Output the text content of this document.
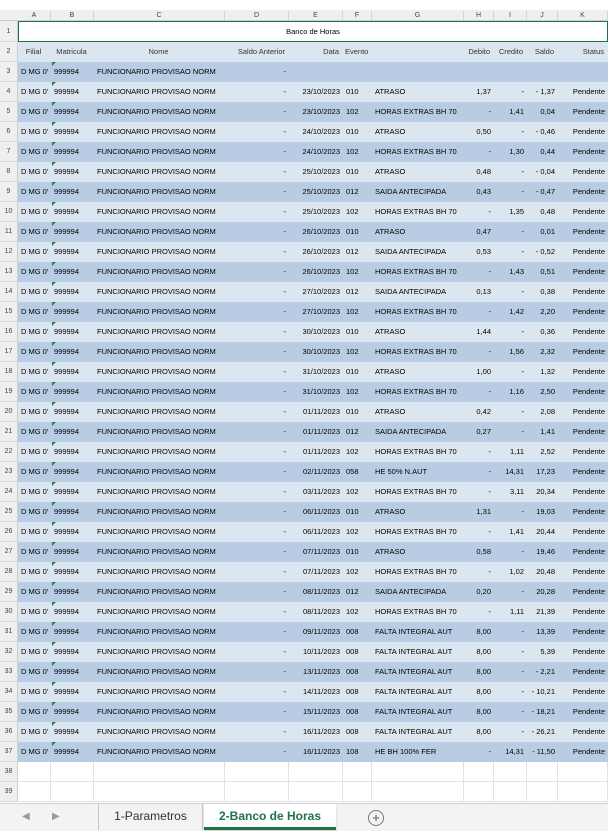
A	B	C	D	E	F	G	H	I	J	K
1
2
3
4
5
6
7
8
9
10
11
12
13
14
15
16
17
18
19
20
21
22
23
24
25
26
27
28
29
30
31
32
33
34
35
36
37
38
39
Banco de Horas
Filial	Matricula	Nome	Saldo Anterior	Data Evento	Debito	Credito	Saldo	Status
D MG 0' 999994	FUNCIONARIO PROVISAO NORM	-
D MG 0' 999994	FUNCIONARIO PROVISAO NORM	-	23/10/2023 010	ATRASO	1,37	-	- 1,37	Pendente
D MG 0' 999994	FUNCIONARIO PROVISAO NORM	-	23/10/2023 102	HORAS EXTRAS BH 70	-	1,41	0,04	Pendente
D MG 0' 999994	FUNCIONARIO PROVISAO NORM	-	24/10/2023 010	ATRASO	0,50	-	- 0,46	Pendente
D MG 0' 999994	FUNCIONARIO PROVISAO NORM	-	24/10/2023 102	HORAS EXTRAS BH 70	-	1,30	0,44	Pendente
D MG 0' 999994	FUNCIONARIO PROVISAO NORM	-	25/10/2023 010	ATRASO	0,48	-	- 0,04	Pendente
D MG 0' 999994	FUNCIONARIO PROVISAO NORM	-	25/10/2023 012	SAIDA ANTECIPADA	0,43	-	- 0,47	Pendente
D MG 0' 999994	FUNCIONARIO PROVISAO NORM	-	25/10/2023 102	HORAS EXTRAS BH 70	-	1,35	0,48	Pendente
D MG 0' 999994	FUNCIONARIO PROVISAO NORM	-	26/10/2023 010	ATRASO	0,47	-	0,01	Pendente
D MG 0' 999994	FUNCIONARIO PROVISAO NORM	-	26/10/2023 012	SAIDA ANTECIPADA	0,53	-	- 0,52	Pendente
D MG 0' 999994	FUNCIONARIO PROVISAO NORM	-	26/10/2023 102	HORAS EXTRAS BH 70	-	1,43	0,51	Pendente
D MG 0' 999994	FUNCIONARIO PROVISAO NORM	-	27/10/2023 012	SAIDA ANTECIPADA	0,13	-	0,38	Pendente
D MG 0' 999994	FUNCIONARIO PROVISAO NORM	-	27/10/2023 102	HORAS EXTRAS BH 70	-	1,42	2,20	Pendente
D MG 0' 999994	FUNCIONARIO PROVISAO NORM	-	30/10/2023 010	ATRASO	1,44	-	0,36	Pendente
D MG 0' 999994	FUNCIONARIO PROVISAO NORM	-	30/10/2023 102	HORAS EXTRAS BH 70	-	1,56	2,32	Pendente
D MG 0' 999994	FUNCIONARIO PROVISAO NORM	-	31/10/2023 010	ATRASO	1,00	-	1,32	Pendente
D MG 0' 999994	FUNCIONARIO PROVISAO NORM	-	31/10/2023 102	HORAS EXTRAS BH 70	-	1,16	2,50	Pendente
D MG 0' 999994	FUNCIONARIO PROVISAO NORM	-	01/11/2023 010	ATRASO	0,42	-	2,08	Pendente
D MG 0' 999994	FUNCIONARIO PROVISAO NORM	-	01/11/2023 012	SAIDA ANTECIPADA	0,27	-	1,41	Pendente
D MG 0' 999994	FUNCIONARIO PROVISAO NORM	-	01/11/2023 102	HORAS EXTRAS BH 70	-	1,11	2,52	Pendente
D MG 0' 999994	FUNCIONARIO PROVISAO NORM	-	02/11/2023 058	HE 50% N.AUT	-	14,31	17,23	Pendente
D MG 0' 999994	FUNCIONARIO PROVISAO NORM	-	03/11/2023 102	HORAS EXTRAS BH 70	-	3,11	20,34	Pendente
D MG 0' 999994	FUNCIONARIO PROVISAO NORM	-	06/11/2023 010	ATRASO	1,31	-	19,03	Pendente
D MG 0' 999994	FUNCIONARIO PROVISAO NORM	-	06/11/2023 102	HORAS EXTRAS BH 70	-	1,41	20,44	Pendente
D MG 0' 999994	FUNCIONARIO PROVISAO NORM	-	07/11/2023 010	ATRASO	0,58	-	19,46	Pendente
D MG 0' 999994	FUNCIONARIO PROVISAO NORM	-	07/11/2023 102	HORAS EXTRAS BH 70	-	1,02	20,48	Pendente
D MG 0' 999994	FUNCIONARIO PROVISAO NORM	-	08/11/2023 012	SAIDA ANTECIPADA	0,20	-	20,28	Pendente
D MG 0' 999994	FUNCIONARIO PROVISAO NORM	-	08/11/2023 102	HORAS EXTRAS BH 70	-	1,11	21,39	Pendente
D MG 0' 999994	FUNCIONARIO PROVISAO NORM	-	09/11/2023 008	FALTA INTEGRAL AUT	8,00	-	13,39	Pendente
D MG 0' 999994	FUNCIONARIO PROVISAO NORM	-	10/11/2023 008	FALTA INTEGRAL AUT	8,00	-	5,39	Pendente
D MG 0' 999994	FUNCIONARIO PROVISAO NORM	-	13/11/2023 008	FALTA INTEGRAL AUT	8,00	-	- 2,21	Pendente
D MG 0' 999994	FUNCIONARIO PROVISAO NORM	-	14/11/2023 008	FALTA INTEGRAL AUT	8,00	-	- 10,21	Pendente
D MG 0' 999994	FUNCIONARIO PROVISAO NORM	-	15/11/2023 008	FALTA INTEGRAL AUT	8,00	-	- 18,21	Pendente
D MG 0' 999994	FUNCIONARIO PROVISAO NORM	-	16/11/2023 008	FALTA INTEGRAL AUT	8,00	-	- 26,21	Pendente
D MG 0' 999994	FUNCIONARIO PROVISAO NORM	-	16/11/2023 108	HE BH 100% FER	-	14,31	- 11,50	Pendente
◀ ▶	1-Parametros	2-Banco de Horas	+
